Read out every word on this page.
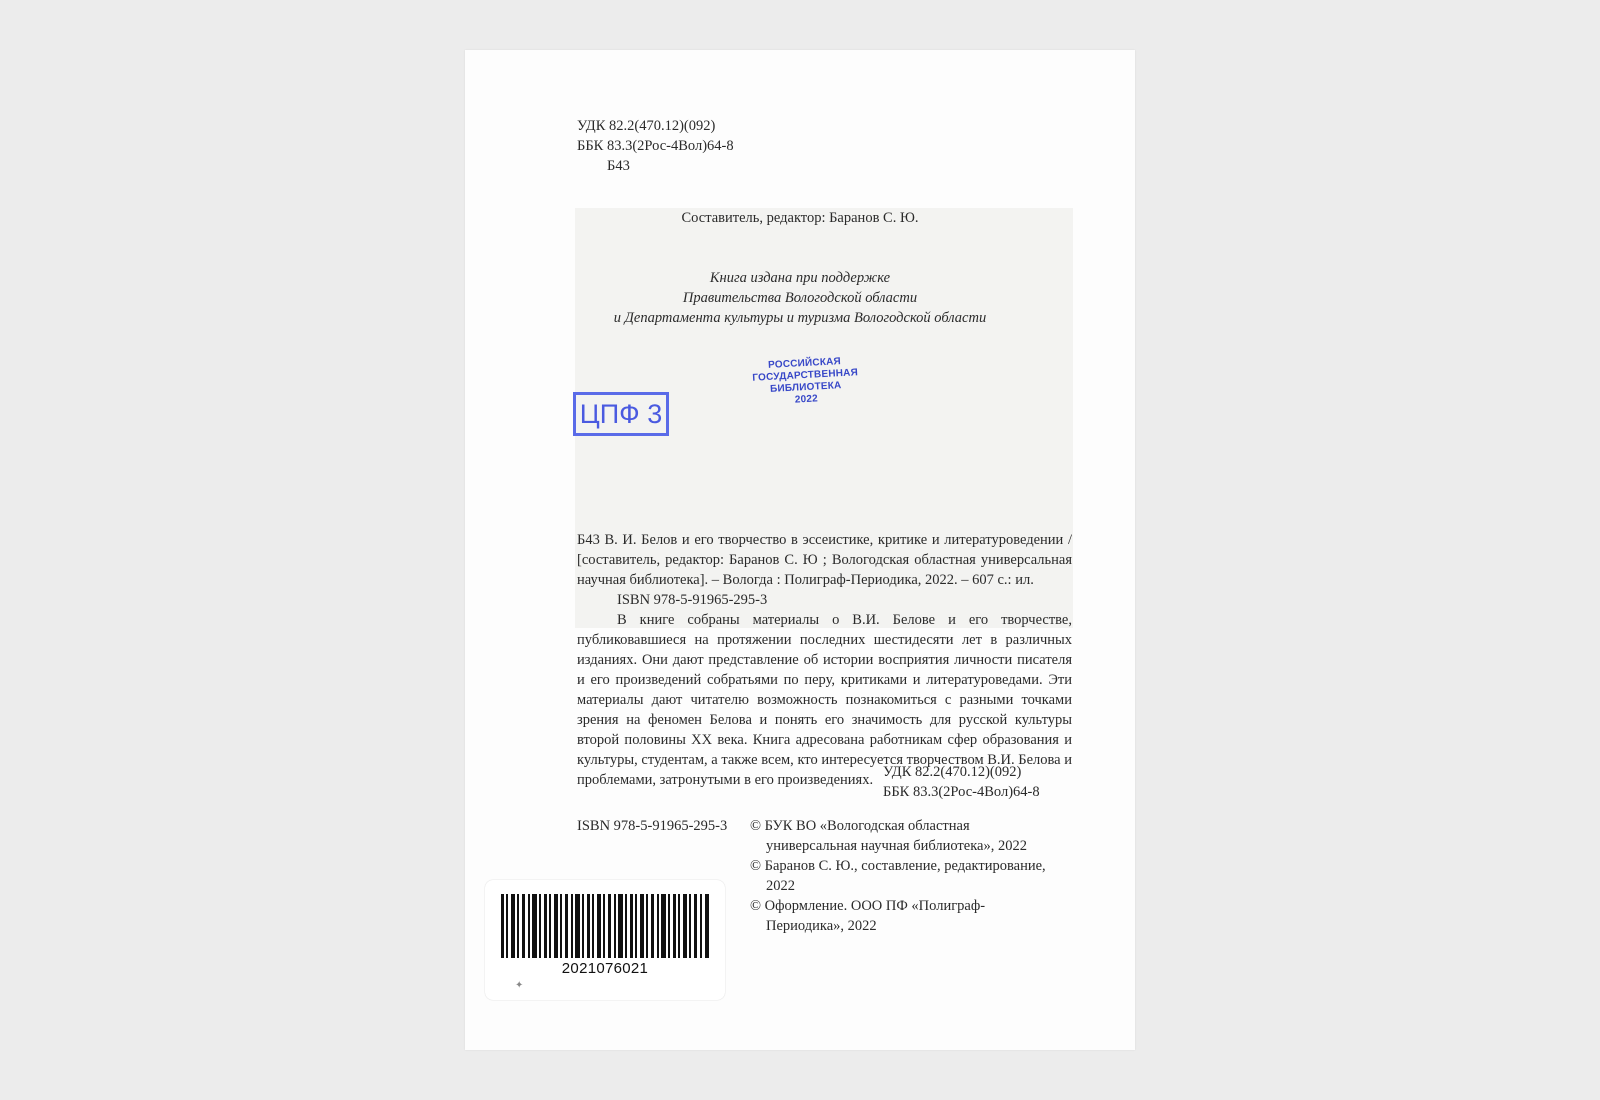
УДК 82.2(470.12)(092)
ББК 83.3(2Рос-4Вол)64-8
Б43
Составитель, редактор: Баранов С. Ю.
Книга издана при поддержке
Правительства Вологодской области
и Департамента культуры и туризма Вологодской области
РОССИЙСКАЯ
ГОСУДАРСТВЕННАЯ
БИБЛИОТЕКА
2022
ЦПФ 3

Б43 В. И. Белов и его творчество в эссеистике, критике и литературоведении / [составитель, редактор: Баранов С. Ю ; Вологодская областная универсальная научная библиотека]. – Вологда : Полиграф-Периодика, 2022. – 607 с.: ил.

ISBN 978-5-91965-295-3

В книге собраны материалы о В.И. Белове и его творчестве, публиковавшиеся на протяжении последних шестидесяти лет в различных изданиях. Они дают представление об истории восприятия личности писателя и его произведений собратьями по перу, критиками и литературоведами. Эти материалы дают читателю возможность познакомиться с разными точками зрения на феномен Белова и понять его значимость для русской культуры второй половины XX века. Книга адресована работникам сфер образования и культуры, студентам, а также всем, кто интересуется творчеством В.И. Белова и проблемами, затронутыми в его произведениях. УДК 82.2(470.12)(092)
ББК 83.3(2Рос-4Вол)64-8
ISBN 978-5-91965-295-3 © БУК ВО «Вологодская областная универсальная научная библиотека», 2022
© Баранов С. Ю., составление, редактирование, 2022
© Оформление. ООО ПФ «Полиграф-Периодика», 2022
2021076021
✦
